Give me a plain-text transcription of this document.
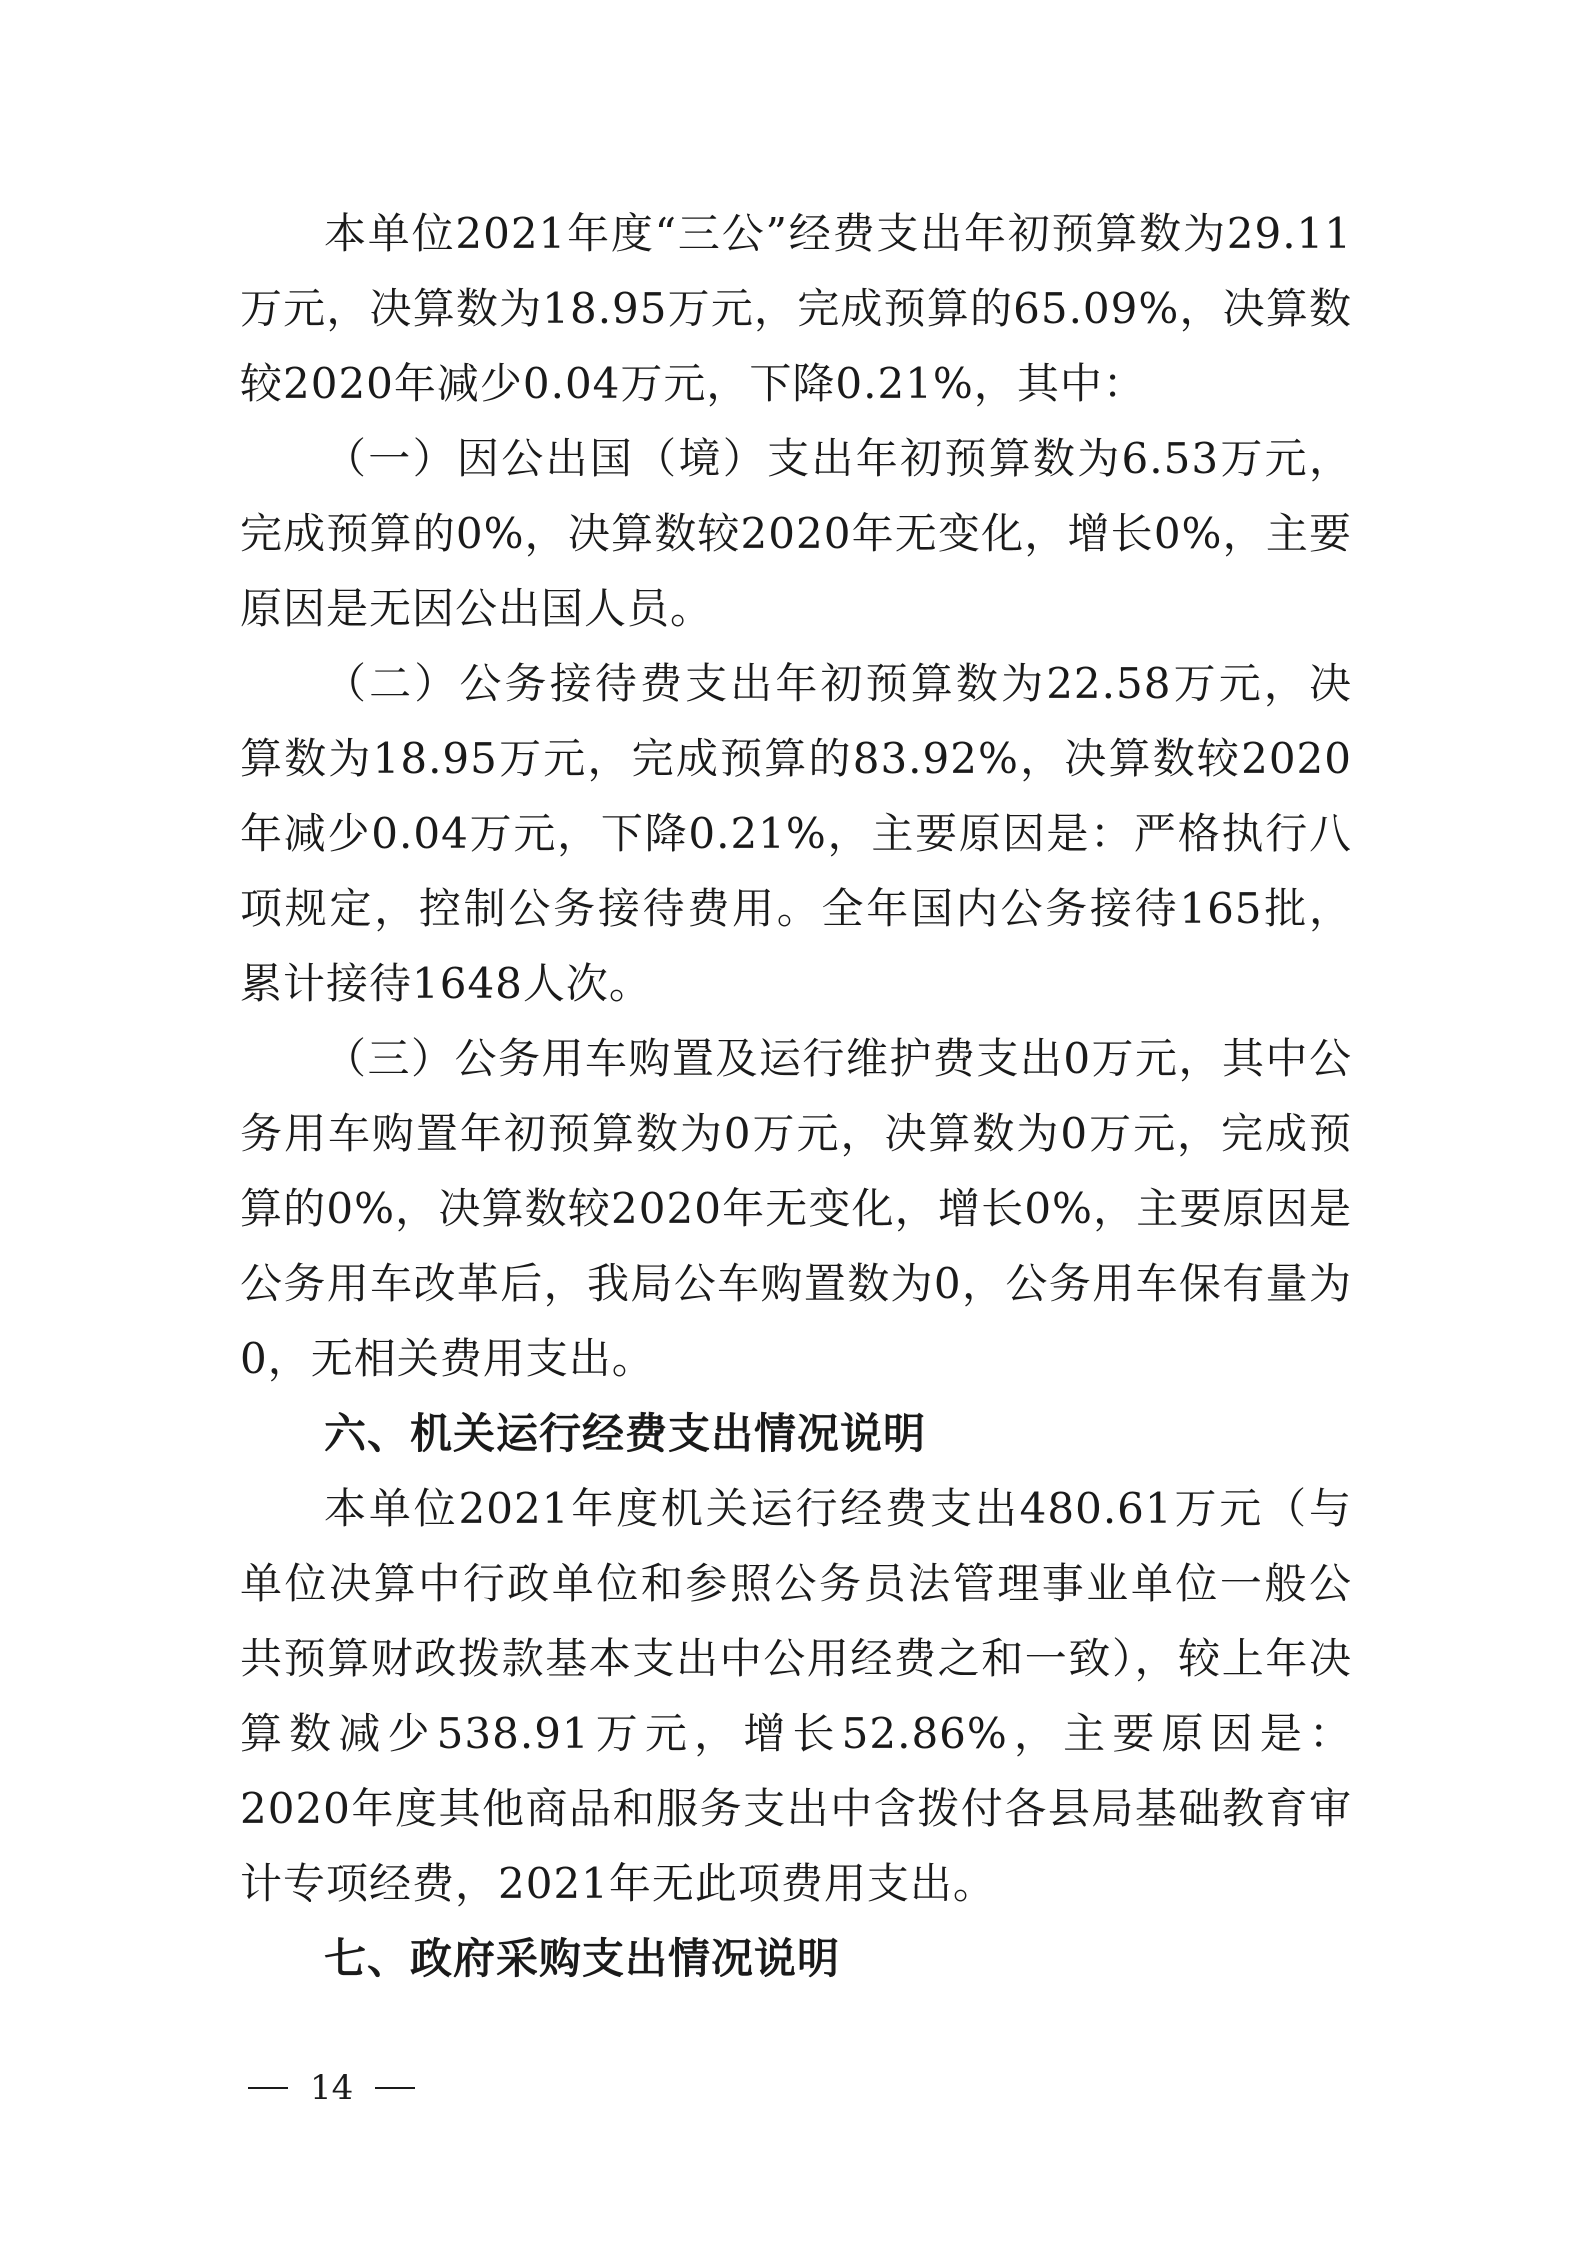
本单位2021年度“三公”经费支出年初预算数为29.11万元，决算数为18.95万元，完成预算的65.09%，决算数较2020年减少0.04万元，下降0.21%，其中：

（一）因公出国（境）支出年初预算数为6.53万元，完成预算的0%，决算数较2020年无变化，增长0%，主要原因是无因公出国人员。

（二）公务接待费支出年初预算数为22.58万元，决算数为18.95万元，完成预算的83.92%，决算数较2020年减少0.04万元，下降0.21%，主要原因是：严格执行八项规定，控制公务接待费用。全年国内公务接待165批，累计接待1648人次。

（三）公务用车购置及运行维护费支出0万元，其中公务用车购置年初预算数为0万元，决算数为0万元，完成预算的0%，决算数较2020年无变化，增长0%，主要原因是公务用车改革后，我局公车购置数为0，公务用车保有量为0，无相关费用支出。

六、机关运行经费支出情况说明

本单位2021年度机关运行经费支出480.61万元（与单位决算中行政单位和参照公务员法管理事业单位一般公共预算财政拨款基本支出中公用经费之和一致），较上年决算数减少538.91万元，增长52.86%，主要原因是：2020年度其他商品和服务支出中含拨付各县局基础教育审计专项经费，2021年无此项费用支出。

七、政府采购支出情况说明

14
